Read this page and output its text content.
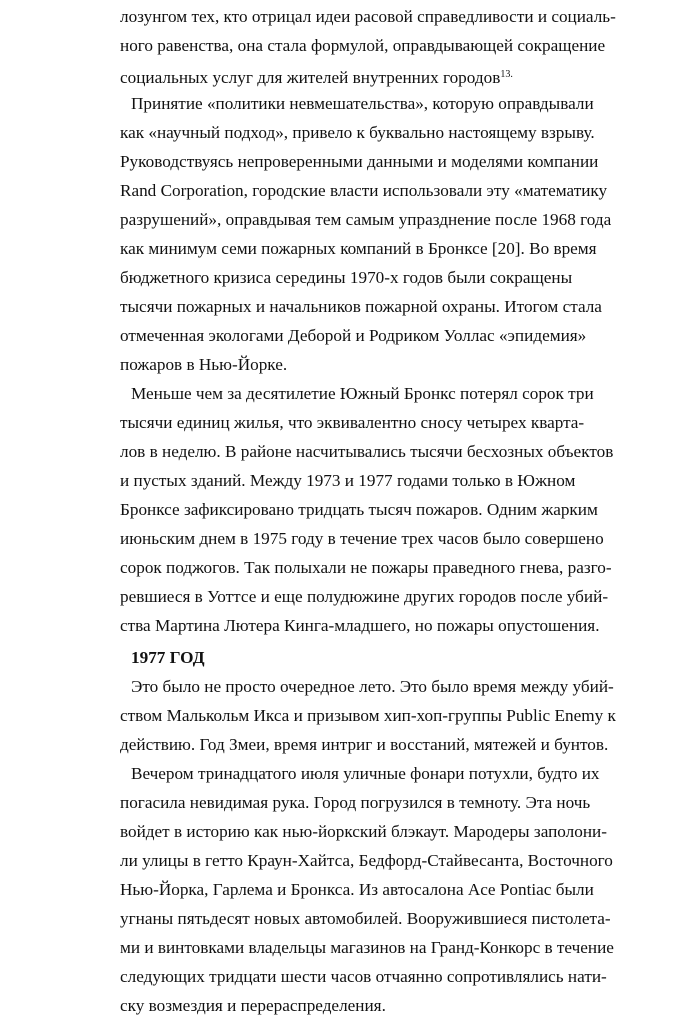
лозунгом тех, кто отрицал идеи расовой справедливости и социаль-

ного равенства, она стала формулой, оправдывающей сокращение

социальных услуг для жителей внутренних городов$^{13.}$

Принятие «политики невмешательства», которую оправдывали

как «научный подход», привело к буквально настоящему взрыву.

Руководствуясь непроверенными данными и моделями компании

Rand Corporation, городские власти использовали эту «математику

разрушений», оправдывая тем самым упразднение после 1968 года

как минимум семи пожарных компаний в Бронксе [20]. Во время

бюджетного кризиса середины 1970-х годов были сокращены

тысячи пожарных и начальников пожарной охраны. Итогом стала

отмеченная экологами Деборой и Родриком Уоллас «эпидемия»

пожаров в Нью-Йорке.

Меньше чем за десятилетие Южный Бронкс потерял сорок три

тысячи единиц жилья, что эквивалентно сносу четырех кварта-

лов в неделю. В районе насчитывались тысячи бесхозных объектов

и пустых зданий. Между 1973 и 1977 годами только в Южном

Бронксе зафиксировано тридцать тысяч пожаров. Одним жарким

июньским днем в 1975 году в течение трех часов было совершено

сорок поджогов. Так полыхали не пожары праведного гнева, разго-

ревшиеся в Уоттсе и еще полудюжине других городов после убий-

ства Мартина Лютера Кинга-младшего, но пожары опустошения.

1977 ГОД

Это было не просто очередное лето. Это было время между убий-

ством Малькольм Икса и призывом хип-хоп-группы Public Enemy к

действию. Год Змеи, время интриг и восстаний, мятежей и бунтов.

Вечером тринадцатого июля уличные фонари потухли, будто их

погасила невидимая рука. Город погрузился в темноту. Эта ночь

войдет в историю как нью-йоркский блэкаут. Мародеры заполони-

ли улицы в гетто Краун-Хайтса, Бедфорд-Стайвесанта, Восточного

Нью-Йорка, Гарлема и Бронкса. Из автосалона Ace Pontiac были

угнаны пятьдесят новых автомобилей. Вооружившиеся пистолета-

ми и винтовками владельцы магазинов на Гранд-Конкорс в течение

следующих тридцати шести часов отчаянно сопротивлялись нати-

ску возмездия и перераспределения.
